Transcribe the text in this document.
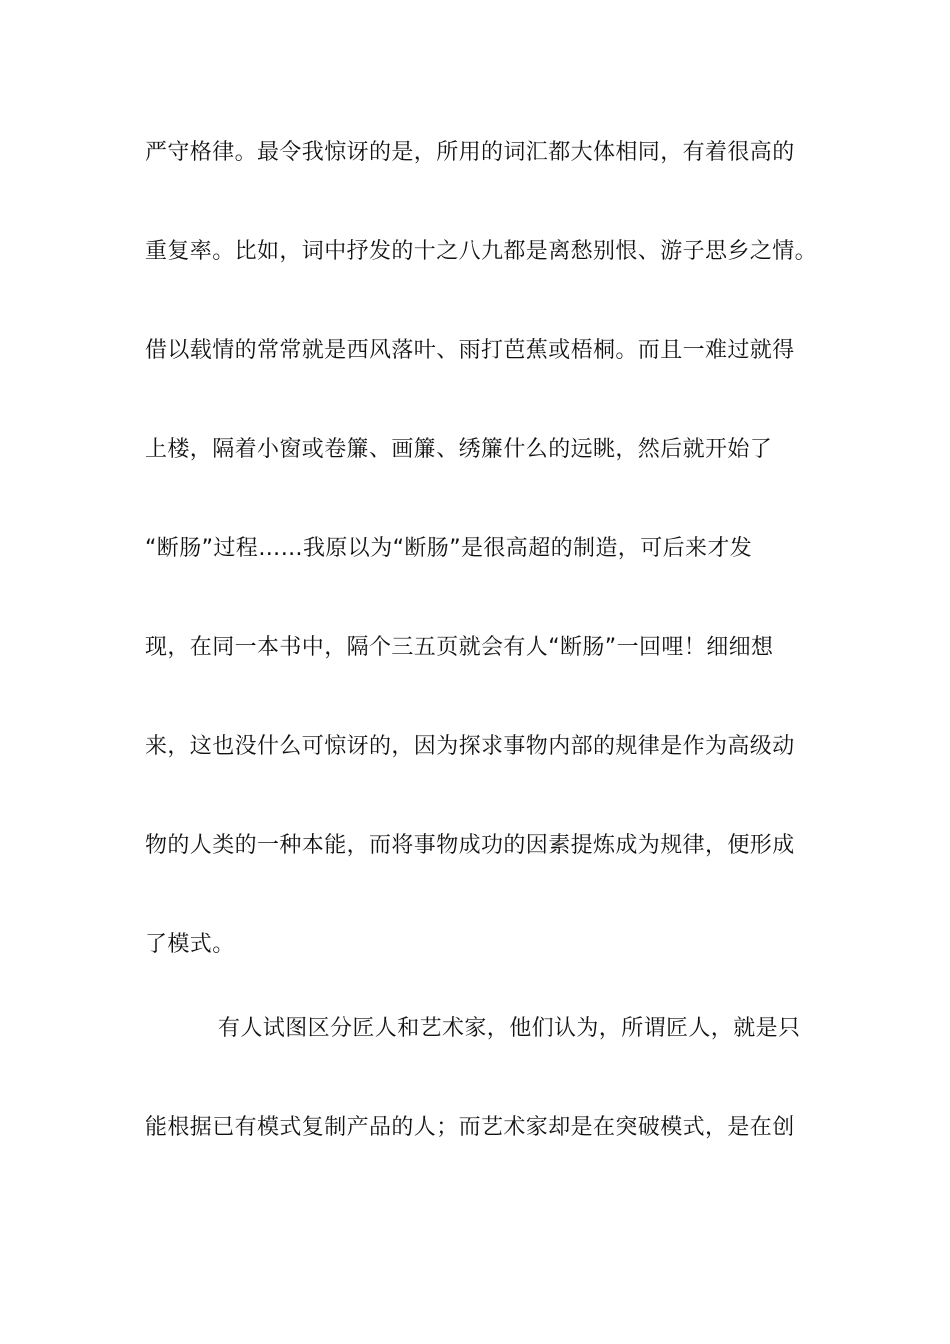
严守格律。最令我惊讶的是，所用的词汇都大体相同，有着很高的
重复率。比如，词中抒发的十之八九都是离愁别恨、游子思乡之情。
借以载情的常常就是西风落叶、雨打芭蕉或梧桐。而且一难过就得
上楼，隔着小窗或卷簾、画簾、绣簾什么的远眺，然后就开始了
“断肠”过程……我原以为“断肠”是很高超的制造，可后来才发
现，在同一本书中，隔个三五页就会有人“断肠”一回哩！细细想
来，这也没什么可惊讶的，因为探求事物内部的规律是作为高级动
物的人类的一种本能，而将事物成功的因素提炼成为规律，便形成
了模式。
有人试图区分匠人和艺术家，他们认为，所谓匠人，就是只
能根据已有模式复制产品的人；而艺术家却是在突破模式，是在创
